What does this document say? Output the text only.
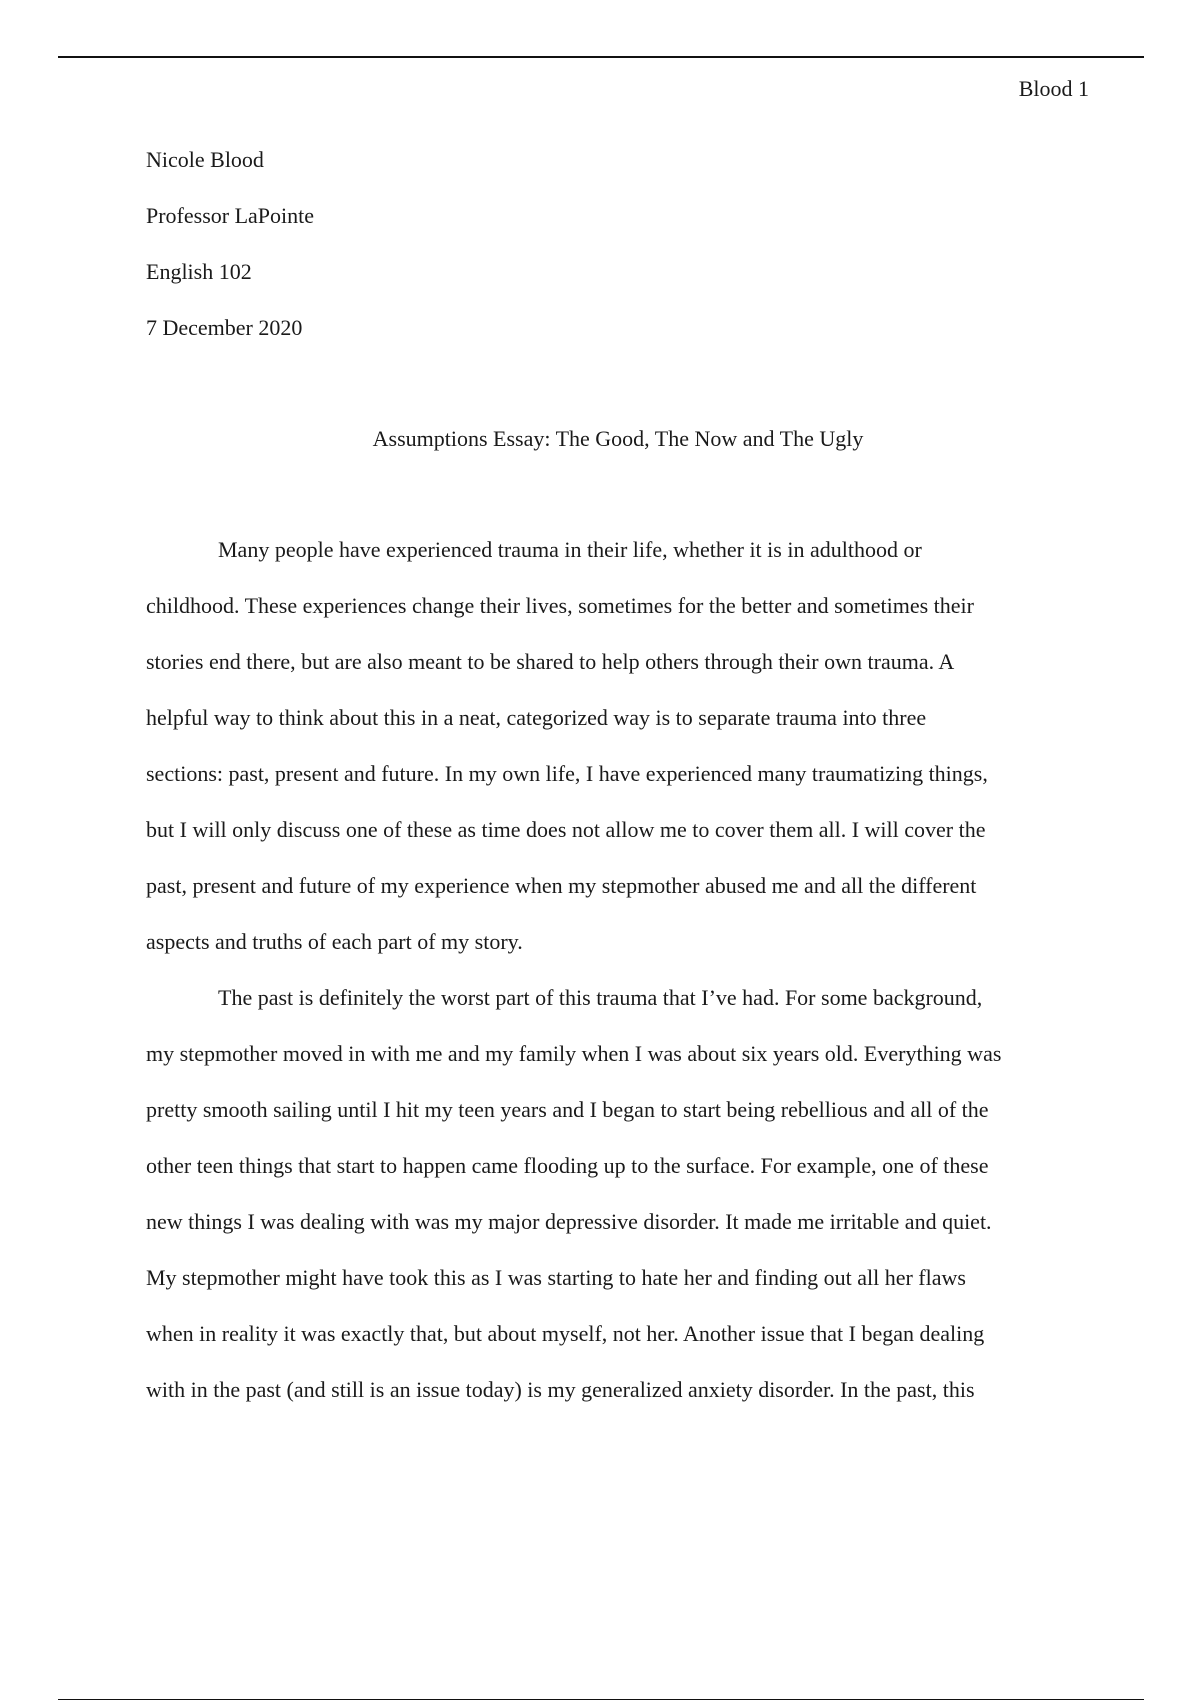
Blood 1
Nicole Blood
Professor LaPointe
English 102
7 December 2020
Assumptions Essay: The Good, The Now and The Ugly
Many people have experienced trauma in their life, whether it is in adulthood or
childhood. These experiences change their lives, sometimes for the better and sometimes their
stories end there, but are also meant to be shared to help others through their own trauma. A
helpful way to think about this in a neat, categorized way is to separate trauma into three
sections: past, present and future. In my own life, I have experienced many traumatizing things,
but I will only discuss one of these as time does not allow me to cover them all. I will cover the
past, present and future of my experience when my stepmother abused me and all the different
aspects and truths of each part of my story.
The past is definitely the worst part of this trauma that I’ve had. For some background,
my stepmother moved in with me and my family when I was about six years old. Everything was
pretty smooth sailing until I hit my teen years and I began to start being rebellious and all of the
other teen things that start to happen came flooding up to the surface. For example, one of these
new things I was dealing with was my major depressive disorder. It made me irritable and quiet.
My stepmother might have took this as I was starting to hate her and finding out all her flaws
when in reality it was exactly that, but about myself, not her. Another issue that I began dealing
with in the past (and still is an issue today) is my generalized anxiety disorder. In the past, this
